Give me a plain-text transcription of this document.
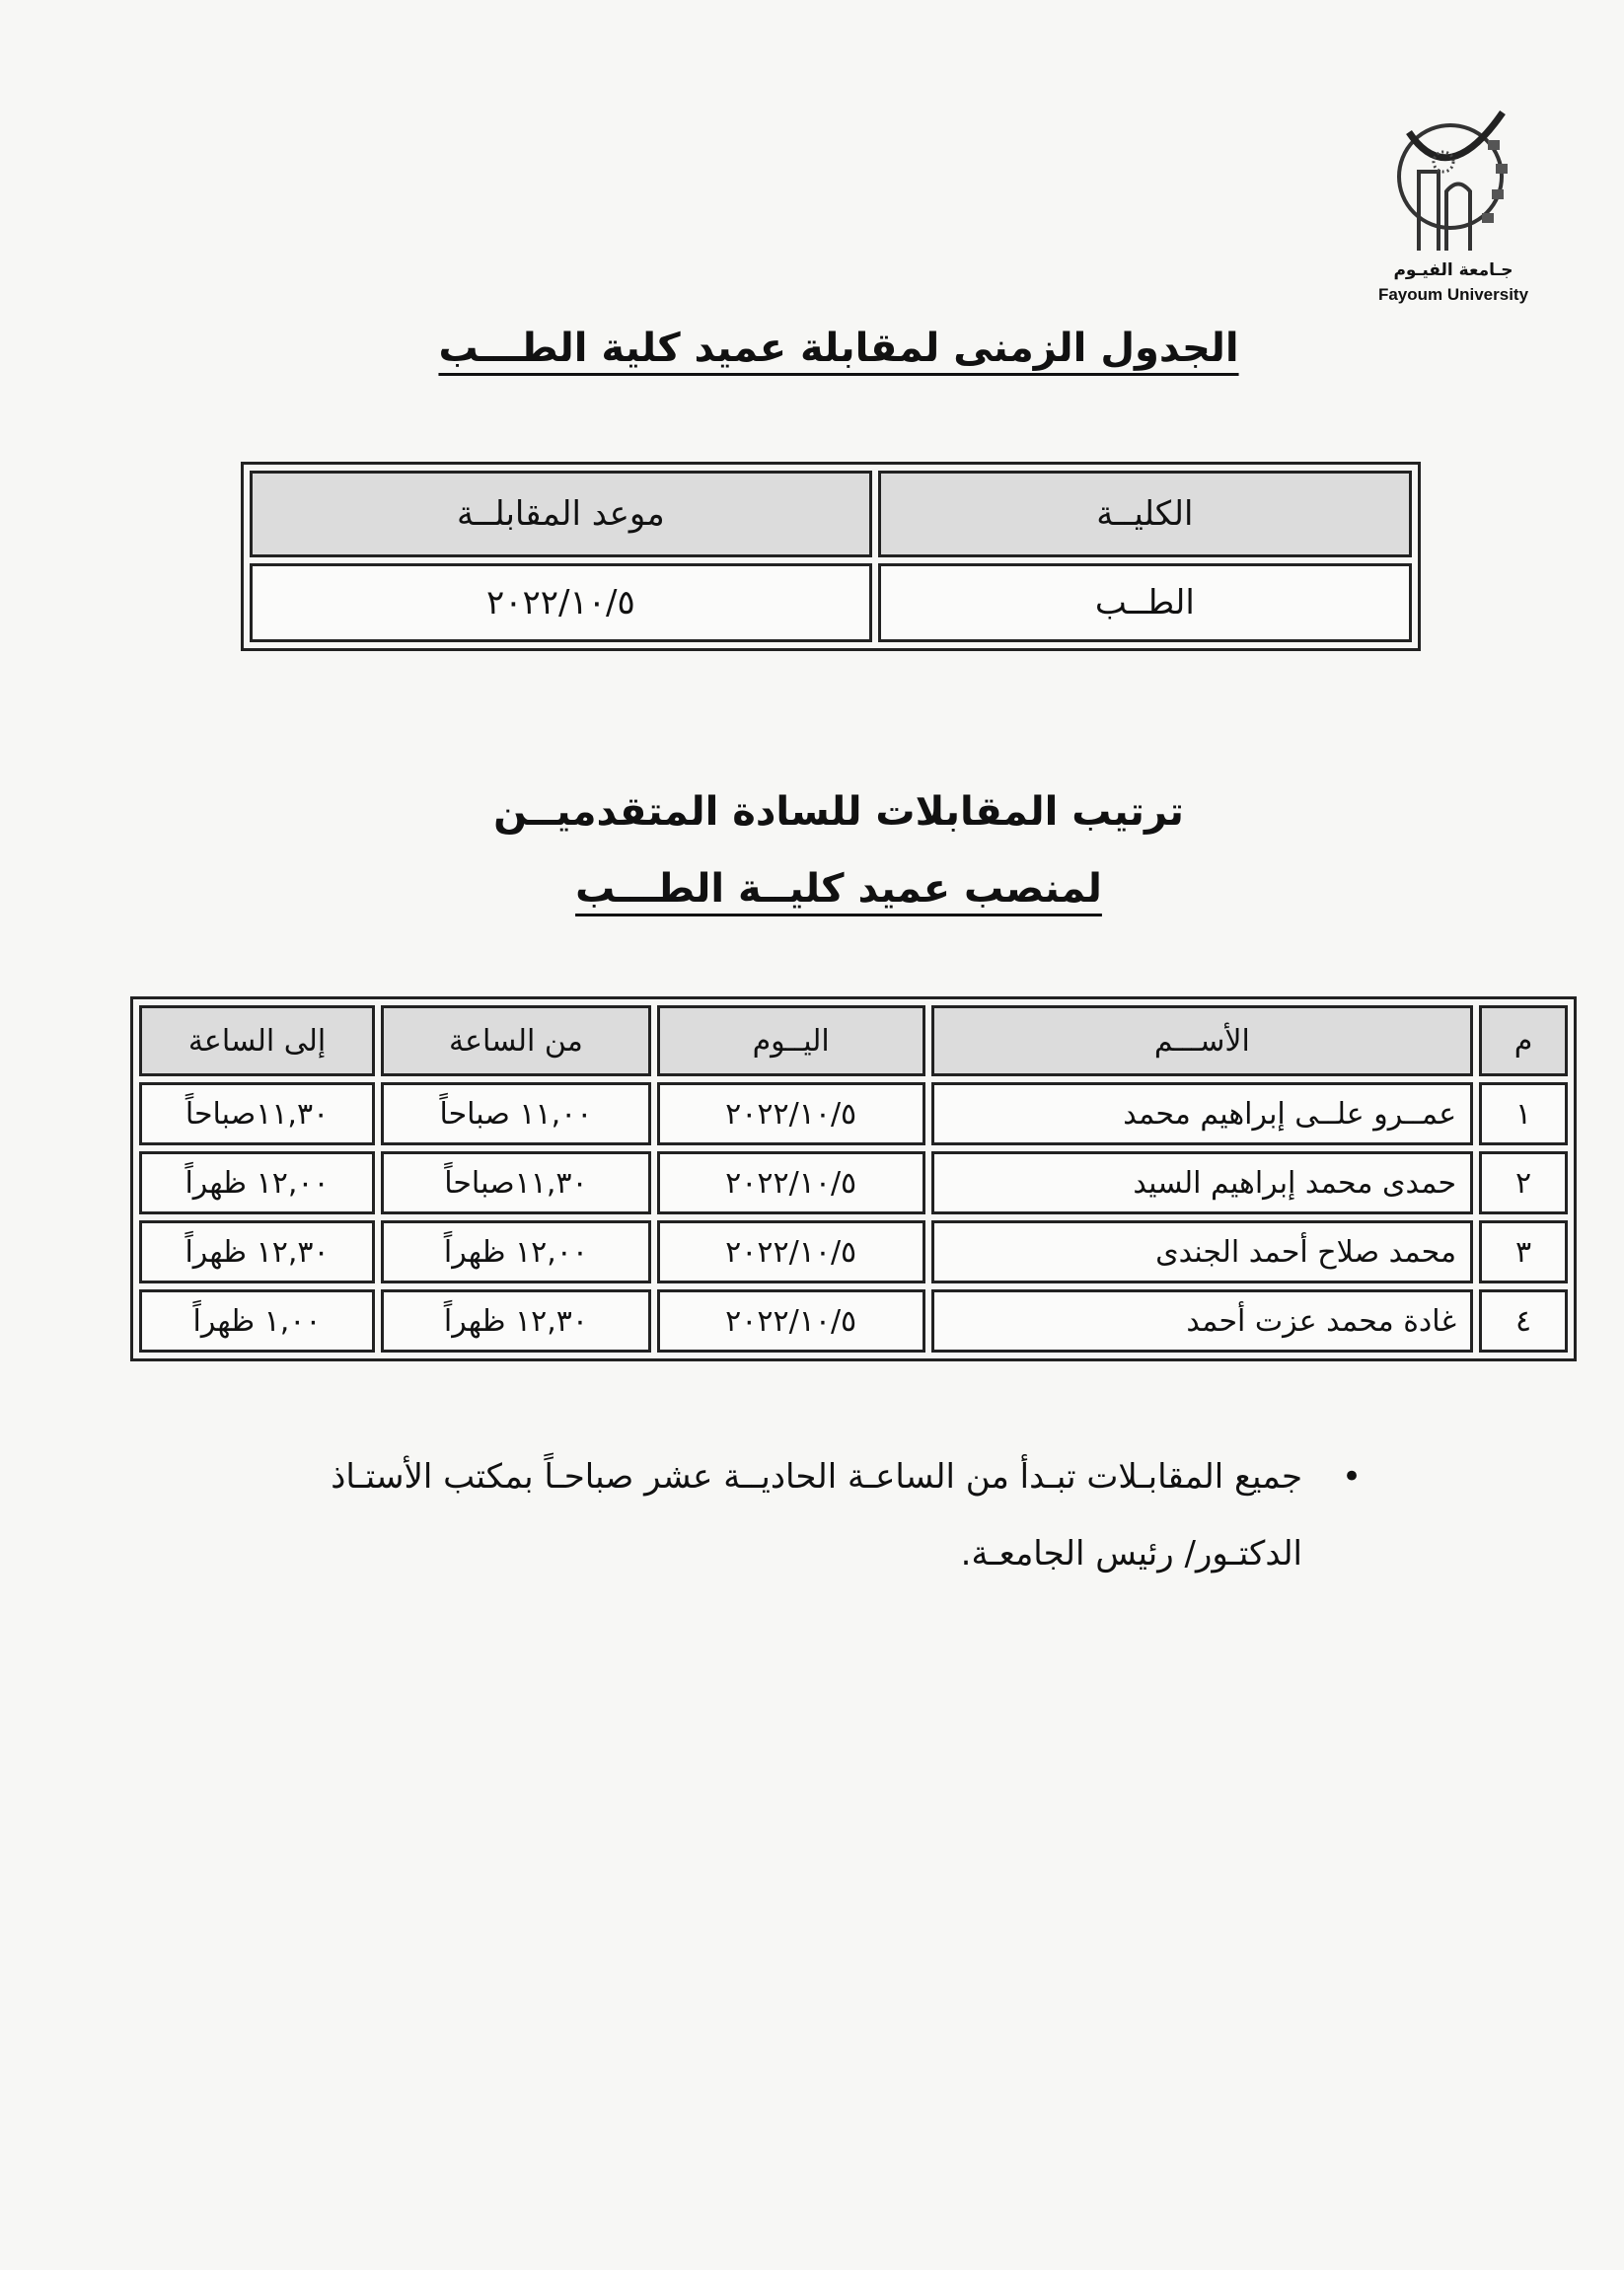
جـامعة الفيـوم
Fayoum University
الجدول الزمنى لمقابلة عميد كلية الطـــب
الكليــة	موعد المقابلــة
الطــب	٢٠٢٢/١٠/٥
ترتيب المقابلات للسادة المتقدميــن
لمنصب عميد كليــة الطـــب
م	الأســـم	اليــوم	من الساعة	إلى الساعة
١	عمــرو علــى إبراهيم محمد	٢٠٢٢/١٠/٥	١١,٠٠ صباحاً	١١,٣٠صباحاً
٢	حمدى محمد إبراهيم السيد	٢٠٢٢/١٠/٥	١١,٣٠صباحاً	١٢,٠٠ ظهراً
٣	محمد صلاح أحمد الجندى	٢٠٢٢/١٠/٥	١٢,٠٠ ظهراً	١٢,٣٠ ظهراً
٤	غادة محمد عزت أحمد	٢٠٢٢/١٠/٥	١٢,٣٠ ظهراً	١,٠٠ ظهراً
•
جميع المقابـلات تبـدأ من الساعـة الحاديــة عشر صباحـاً بمكتب الأستـاذ الدكتـور/ رئيس الجامعـة.
